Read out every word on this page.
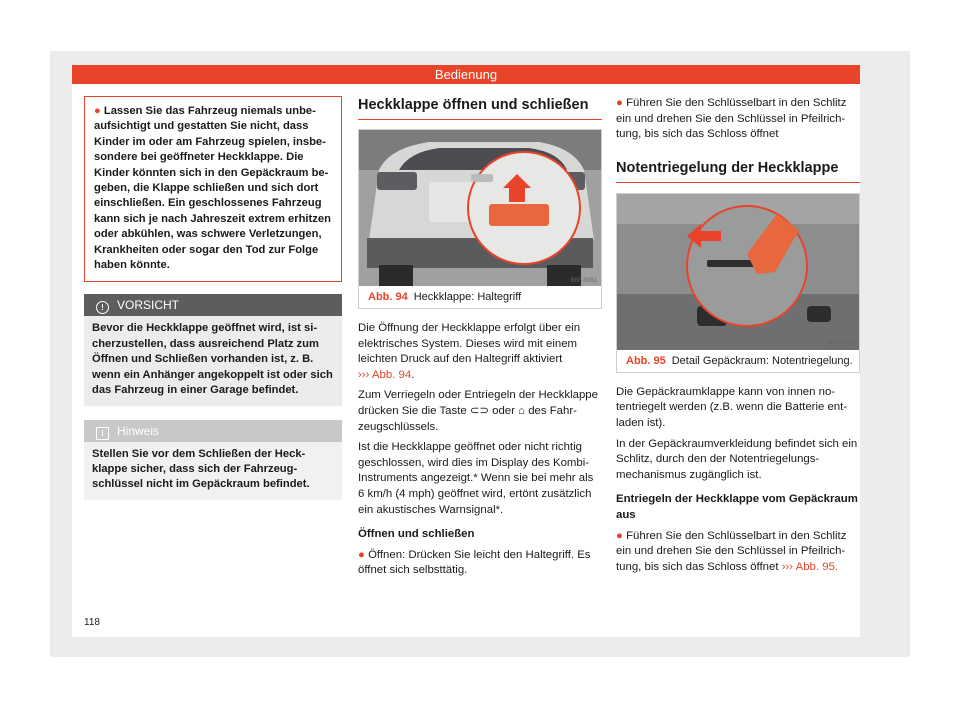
Bedienung
● Lassen Sie das Fahrzeug niemals unbeaufsichtigt und gestatten Sie nicht, dass Kinder im oder am Fahrzeug spielen, insbesondere bei geöffneter Heckklappe. Die Kinder könnten sich in den Gepäckraum begeben, die Klappe schließen und sich dort einschließen. Ein geschlossenes Fahrzeug kann sich je nach Jahreszeit extrem erhitzen oder abkühlen, was schwere Verletzungen, Krankheiten oder sogar den Tod zur Folge haben könnte.
! VORSICHT
Bevor die Heckklappe geöffnet wird, ist sicherzustellen, dass ausreichend Platz zum Öffnen und Schließen vorhanden ist, z. B. wenn ein Anhänger angekoppelt ist oder sich das Fahrzeug in einer Garage befindet.
i Hinweis
Stellen Sie vor dem Schließen der Heckklappe sicher, dass sich der Fahrzeugschlüssel nicht im Gepäckraum befindet.
Heckklappe öffnen und schließen
B6F-0051
Abb. 94 Heckklappe: Haltegriff

Die Öffnung der Heckklappe erfolgt über ein elektrisches System. Dieses wird mit einem leichten Druck auf den Haltegriff aktiviert
››› Abb. 94.

Zum Verriegeln oder Entriegeln der Heckklappe drücken Sie die Taste ⊂⊃ oder ⌂ des Fahrzeugschlüssels.

Ist die Heckklappe geöffnet oder nicht richtig geschlossen, wird dies im Display des Kombi-Instruments angezeigt.* Wenn sie bei mehr als 6 km/h (4 mph) geöffnet wird, ertönt zusätzlich ein akustisches Warnsignal*.

Öffnen und schließen

● Öffnen: Drücken Sie leicht den Haltegriff. Es öffnet sich selbsttätig.

● Führen Sie den Schlüsselbart in den Schlitz ein und drehen Sie den Schlüssel in Pfeilrichtung, bis sich das Schloss öffnet

Notentriegelung der Heckklappe
BKJ-0147
Abb. 95 Detail Gepäckraum: Notentriegelung.

Die Gepäckraumklappe kann von innen notentriegelt werden (z.B. wenn die Batterie entladen ist).

In der Gepäckraumverkleidung befindet sich ein Schlitz, durch den der Notentriegelungsmechanismus zugänglich ist.

Entriegeln der Heckklappe vom Gepäckraum aus

● Führen Sie den Schlüsselbart in den Schlitz ein und drehen Sie den Schlüssel in Pfeilrichtung, bis sich das Schloss öffnet ››› Abb. 95.

118
